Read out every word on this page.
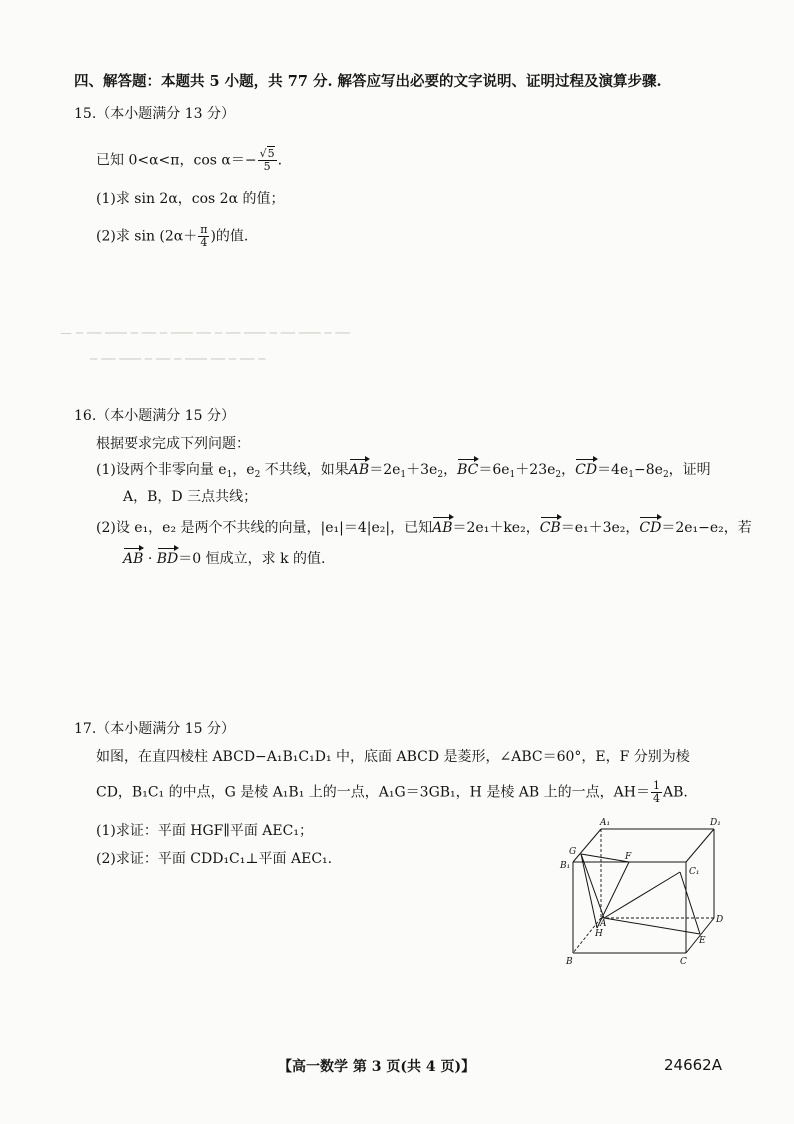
— ─ ── ─── ─ ── ─ ─── ── ─ ── ─── ─ ── ─── ─ ──
─ ── ─── ─ ── ─ ─── ── ─ ── ─
四、解答题：本题共 5 小题，共 77 分. 解答应写出必要的文字说明、证明过程及演算步骤.
15.（本小题满分 13 分）
已知 0<α<π，$\cos \alpha=- \frac{√5}{5}$ .
(1)求 sin 2α，cos 2α 的值；
(2)求 $\sin (2\alpha+ \frac{\pi}{4}$ )的值.
16.（本小题满分 15 分）
根据要求完成下列问题：
(1)设两个非零向量 $e_1$，$e_2$ 不共线，如果$AB=2e_1+3e_2$，$BC=6e_1+23e_2$，$CD=4e_1-8e_2$，证明
A，B，D 三点共线；
(2)设 e₁，e₂ 是两个不共线的向量，|e₁|＝4|e₂|，已知AB＝2e₁＋ke₂，CB＝e₁＋3e₂，CD＝2e₁−e₂，若
AB · BD＝0 恒成立，求 k 的值.
17.（本小题满分 15 分）
如图，在直四棱柱 ABCD−A₁B₁C₁D₁ 中，底面 ABCD 是菱形，∠ABC＝60°，E，F 分别为棱
CD，B₁C₁ 的中点，G 是棱 A₁B₁ 上的一点，A₁G＝3GB₁，H 是棱 AB 上的一点，$AH= \frac{1}{4}$ AB.
(1)求证：平面 HGF∥平面 AEC₁；
(2)求证：平面 CDD₁C₁⊥平面 AEC₁.
A₁	D₁
B₁
C₁
G	F
A
H
D
E
B	C
【高一数学 第 3 页(共 4 页)】	24662A
